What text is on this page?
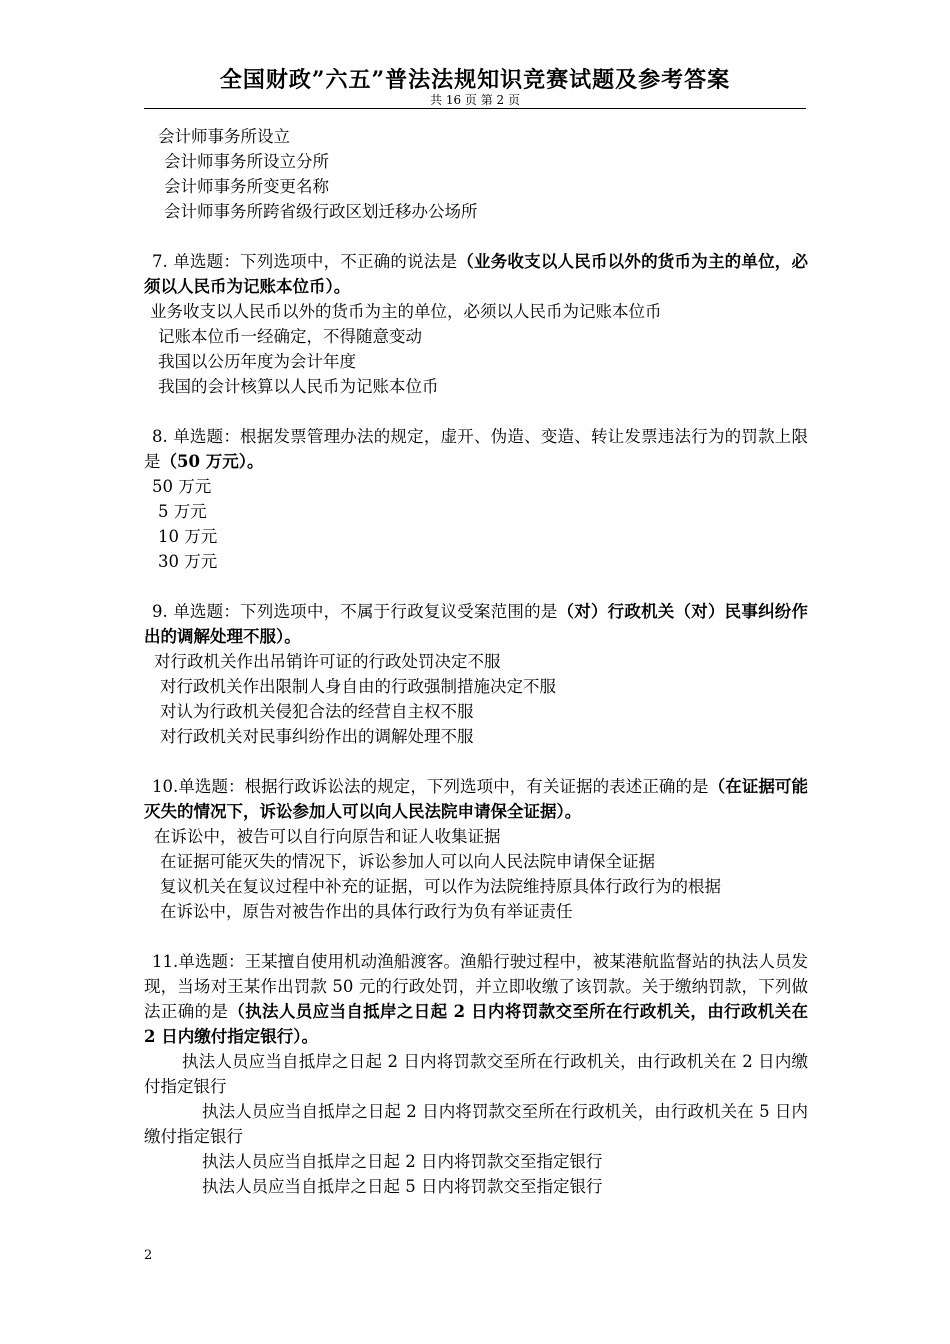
全国财政”六五”普法法规知识竞赛试题及参考答案
共 16 页 第 2 页
会计师事务所设立
会计师事务所设立分所
会计师事务所变更名称
会计师事务所跨省级行政区划迁移办公场所
7. 单选题：下列选项中，不正确的说法是（业务收支以人民币以外的货币为主的单位，必须以人民币为记账本位币）。
业务收支以人民币以外的货币为主的单位，必须以人民币为记账本位币
记账本位币一经确定，不得随意变动
我国以公历年度为会计年度
我国的会计核算以人民币为记账本位币
8. 单选题：根据发票管理办法的规定，虚开、伪造、变造、转让发票违法行为的罚款上限是（50 万元）。
50 万元
5 万元
10 万元
30 万元
9. 单选题：下列选项中，不属于行政复议受案范围的是（对）行政机关（对）民事纠纷作出的调解处理不服）。
对行政机关作出吊销许可证的行政处罚决定不服
对行政机关作出限制人身自由的行政强制措施决定不服
对认为行政机关侵犯合法的经营自主权不服
对行政机关对民事纠纷作出的调解处理不服
10.单选题：根据行政诉讼法的规定，下列选项中，有关证据的表述正确的是（在证据可能灭失的情况下，诉讼参加人可以向人民法院申请保全证据）。
在诉讼中，被告可以自行向原告和证人收集证据
在证据可能灭失的情况下，诉讼参加人可以向人民法院申请保全证据
复议机关在复议过程中补充的证据，可以作为法院维持原具体行政行为的根据
在诉讼中，原告对被告作出的具体行政行为负有举证责任
11.单选题：王某擅自使用机动渔船渡客。渔船行驶过程中，被某港航监督站的执法人员发现，当场对王某作出罚款 50 元的行政处罚，并立即收缴了该罚款。关于缴纳罚款，下列做法正确的是（执法人员应当自抵岸之日起 2 日内将罚款交至所在行政机关，由行政机关在 2 日内缴付指定银行）。
执法人员应当自抵岸之日起 2 日内将罚款交至所在行政机关，由行政机关在 2 日内缴付指定银行
执法人员应当自抵岸之日起 2 日内将罚款交至所在行政机关，由行政机关在 5 日内缴付指定银行
执法人员应当自抵岸之日起 2 日内将罚款交至指定银行
执法人员应当自抵岸之日起 5 日内将罚款交至指定银行
2
